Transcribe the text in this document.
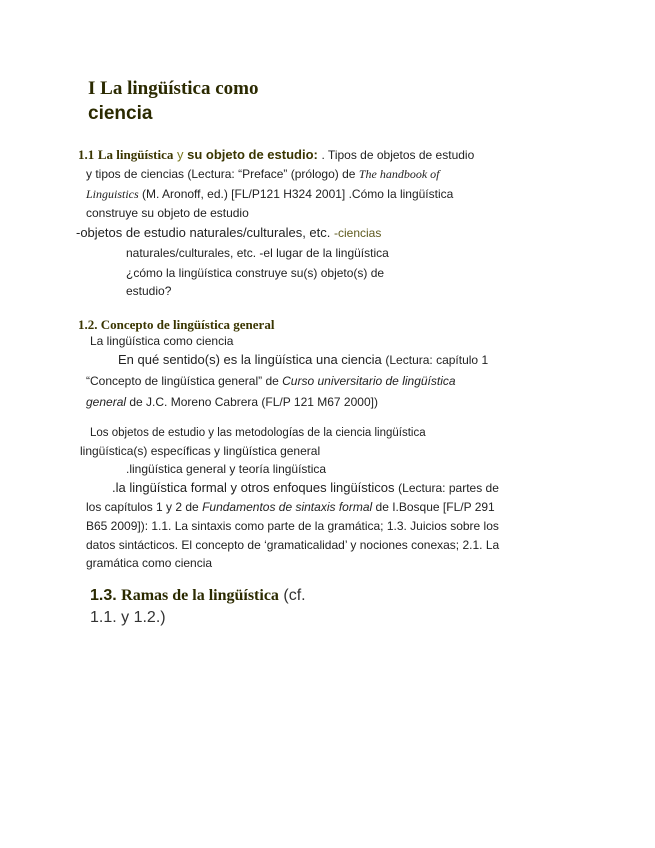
I La lingüística como
ciencia
1.1 La lingüística y su objeto de estudio: . Tipos de objetos de estudio
y tipos de ciencias (Lectura: “Preface” (prólogo) de The handbook of
Linguistics (M. Aronoff, ed.) [FL/P121 H324 2001] .Cómo la lingüística
construye su objeto de estudio
-objetos de estudio naturales/culturales, etc. -ciencias
naturales/culturales, etc. -el lugar de la lingüística
¿cómo la lingüística construye su(s) objeto(s) de
estudio?
1.2. Concepto de lingüística general
La lingüística como ciencia
En qué sentido(s) es la lingüística una ciencia (Lectura: capítulo 1
“Concepto de lingüística general” de Curso universitario de lingüística
general de J.C. Moreno Cabrera (FL/P 121 M67 2000])
Los objetos de estudio y las metodologías de la ciencia lingüística
lingüística(s) específicas y lingüística general
.lingüística general y teoría lingüística
.la lingüística formal y otros enfoques lingüísticos (Lectura: partes de
los capítulos 1 y 2 de Fundamentos de sintaxis formal de I.Bosque [FL/P 291
B65 2009]): 1.1. La sintaxis como parte de la gramática; 1.3. Juicios sobre los
datos sintácticos. El concepto de ‘gramaticalidad’ y nociones conexas; 2.1. La
gramática como ciencia
1.3. Ramas de la lingüística (cf.
1.1. y 1.2.)
